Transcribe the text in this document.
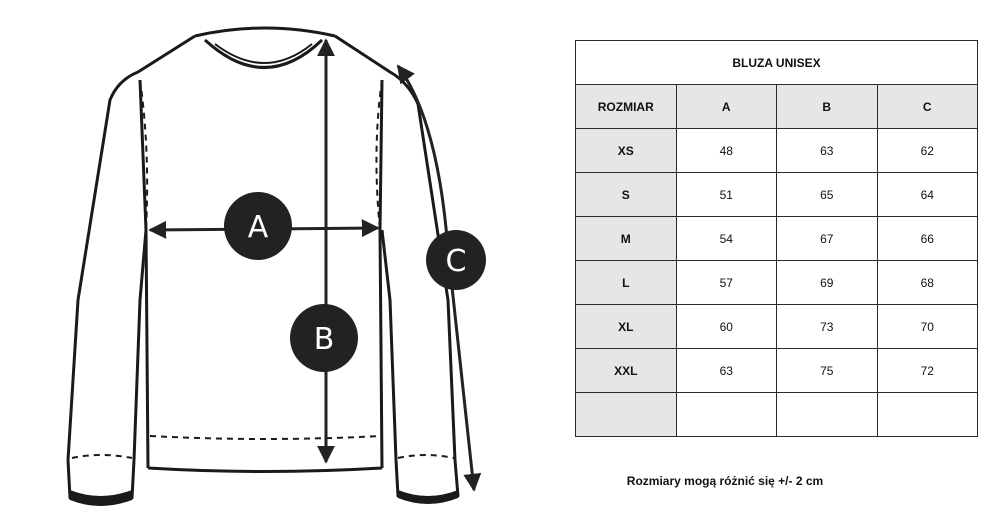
A
B
C
BLUZA UNISEX			
ROZMIAR	A	B	C
XS	48	63	62
S	51	65	64
M	54	67	66
L	57	69	68
XL	60	73	70
XXL	63	75	72

Rozmiary mogą różnić się +/- 2 cm
